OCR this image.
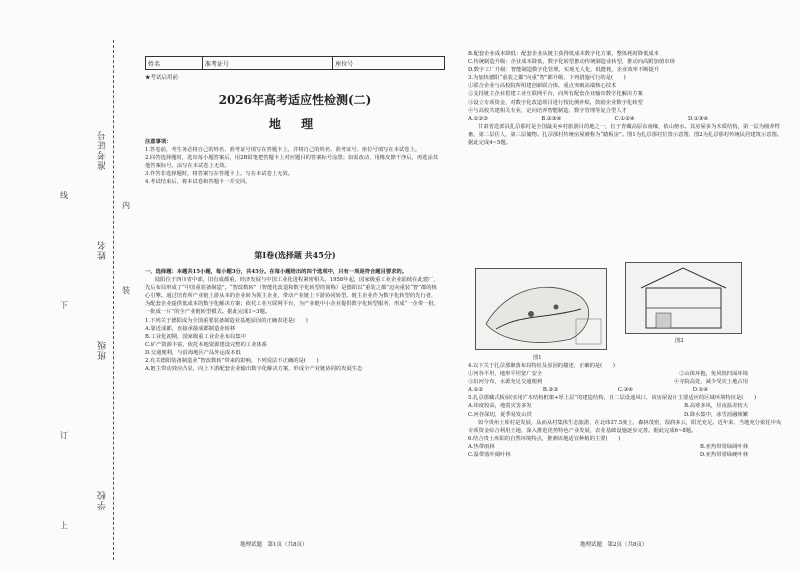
学校
班级
姓名
准考证号
上
订
下
线
装
内
姓名	准考证号	座位号
★考试启用前
2026年高考适应性检测(二)
地 理

注意事项：

1.答卷前，考生务必将自己的姓名、准考证号填写在答题卡上，并将自己的姓名、准考证号、座位号填写在本试卷上。

2.回答选择题时，选出每小题答案后，用2B铅笔把答题卡上对应题目的答案标号涂黑；如需改动，用橡皮擦干净后，再选涂其他答案标号。涂写在本试卷上无效。

3.作答非选择题时，将答案写在答题卡上。写在本试卷上无效。

4.考试结束后，将本试卷和答题卡一并交回。

第Ⅰ卷(选择题 共45分)

一、选择题：本题共15小题，每小题3分，共45分。在每小题给出的四个选项中，只有一项是符合题目要求的。

陆阳位于四川省中部，旧有成都重，经济发展与中国工业化进程紧密相关。1958年起，国家级重工业企业陆续在此建厂，先后布局形成了“中国重装备制造”。“智改数转”（智能化改造和数字化转型的简称）是德阳以“重装之都”迈向重装“智”都的核心引擎。通过培育所产业链上游从本的企业转为领主企业，带动产业链上下游协同转型。链主企业作为数字化转型的先行者，为配套企业提供低成本的数字化解决方案；依托工业互联网平台，为产业链中小企业提供数字化转型服务，形成“一企带一批，一批成一片”的全产业链转型模式。据此完成1~3题。

1.下列关于德阳成为全国重要装备制造业基地原因的正确表述是(　　)

A.靠近成都，直接承接成都制造业转移

B.工业化初期，国家级重工业企业布局集中

C.矿产资源丰富，依托本地资源建设完整的工业体系

D.交通便利，与沿海地区产品外运成本低

2.有关德阳装备制造业“智改数转”带来的影响，下列说法不正确的是(　　)

A.链主带动效应凸显，向上下游配套企业输出数字化解决方案，形成全产业链协同的发展生态

地理试题　第1页（共8页）

B.配套企业成本降低：配套企业从链主获得低成本数字化方案，整体耗时降低成本

C.传统制造升级：企业成本降低，数字化转型推动传统制造业转型，推动向高附加值市场

D.数字工厂升级：智能制造数字化管理，实现无人化，低能耗，企业效率不断提升

3.为加快德阳“重装之都”向重“智”都升级，下列措施可行的是(　　)

①联合企业与高校院所组建创新联合体，重点突破高端核心技术

②支持链主企业搭建工业互联网平台，向所有配套企业输出数字化解决方案

③设立专项资金，对数字化改造项目进行按比例补贴，鼓励企业数字化转型

④与高校共建相关专业，定向培养智能制造、数字管理等复合型人才

A.①②③	B.②③④	C.①②④	D.①③④

甘肃省迭部县扎尕那村是全国最美乡村旅游目的地之一，位于青藏高原东南缘，依山傍水。其房屋多为木质结构，第一层为圈养牲畜，第二层住人，第三层储物。扎尕那村传统房屋被称为“踏板房”。图1为扎尕那村位置示意图，图2为扎尕那村传统民居建筑示意图。据此完成4~5题。

图1
图2

4.以下关于扎尕那聚落布局特征及原因的描述，正确的是(　　)

①河谷平坦，地形平坦宽广安全	②山体环抱，免风蚀凹面环境

③沿河分布，水源充足交通便利	④寺院高处，减少受灾土地占用

A.①②	B.②③	C.③④	D.①④

5.扎尕那藏式板屋(实用)“木结构框架+厚土层”的建造结构，且二层设通风口，该房屋设计主要适应的区域环境特征是(　　)

A.纬度较高，地震灾害多发	B.高寒多风，昼夜温差较大

C.河谷深切，夏季易发山洪	D.降水集中，冰雪消融频繁

如今贵州土库村是发展，从而从村集体生态旅游，在北纬37.5度上，森林茂密，湿润多云，阳光充足。近年来，当地充分依托中央专项资金综合利用土地，深入推进优势特色产业发展，农业基础设施逐步完善。据此完成6~8题。

6.结合贵土库阳的自然环境特点，推测该地适宜种植的主要(　　)

A.热带雨林	B.亚热带常绿阔叶林

C.温带落叶阔叶林	D.亚热带常绿硬叶林

地理试题　第2页（共8页）
